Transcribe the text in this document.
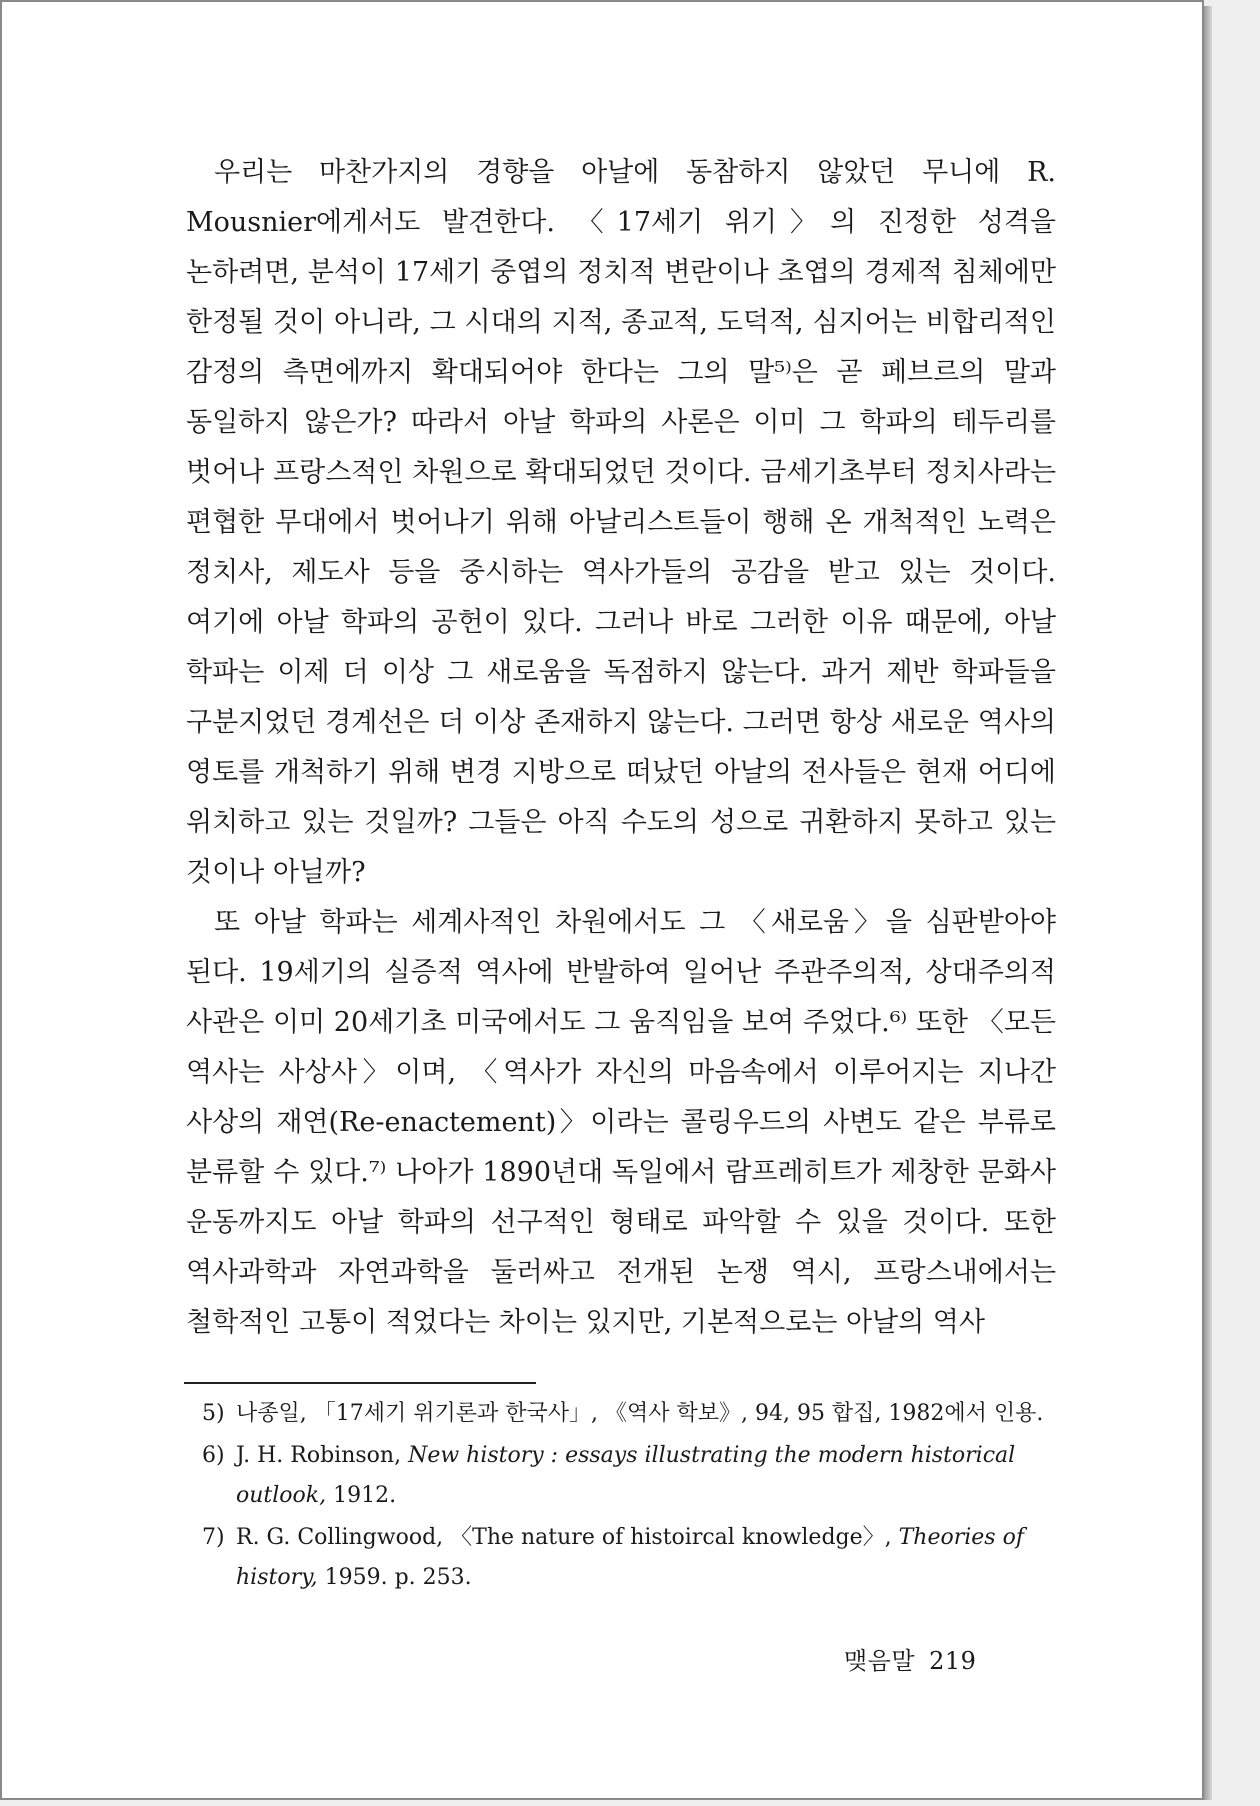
우리는 마찬가지의 경향을 아날에 동참하지 않았던 무니에 R. Mousnier에게서도 발견한다. 〈17세기 위기〉의 진정한 성격을 논하려면, 분석이 17세기 중엽의 정치적 변란이나 초엽의 경제적 침체에만 한정될 것이 아니라, 그 시대의 지적, 종교적, 도덕적, 심지어는 비합리적인 감정의 측면에까지 확대되어야 한다는 그의 말⁵⁾은 곧 페브르의 말과 동일하지 않은가? 따라서 아날 학파의 사론은 이미 그 학파의 테두리를 벗어나 프랑스적인 차원으로 확대되었던 것이다. 금세기초부터 정치사라는 편협한 무대에서 벗어나기 위해 아날리스트들이 행해 온 개척적인 노력은 정치사, 제도사 등을 중시하는 역사가들의 공감을 받고 있는 것이다. 여기에 아날 학파의 공헌이 있다. 그러나 바로 그러한 이유 때문에, 아날 학파는 이제 더 이상 그 새로움을 독점하지 않는다. 과거 제반 학파들을 구분지었던 경계선은 더 이상 존재하지 않는다. 그러면 항상 새로운 역사의 영토를 개척하기 위해 변경 지방으로 떠났던 아날의 전사들은 현재 어디에 위치하고 있는 것일까? 그들은 아직 수도의 성으로 귀환하지 못하고 있는 것이나 아닐까?

또 아날 학파는 세계사적인 차원에서도 그 〈새로움〉을 심판받아야 된다. 19세기의 실증적 역사에 반발하여 일어난 주관주의적, 상대주의적 사관은 이미 20세기초 미국에서도 그 움직임을 보여 주었다.⁶⁾ 또한 〈모든 역사는 사상사〉이며, 〈역사가 자신의 마음속에서 이루어지는 지나간 사상의 재연(Re-enactement)〉이라는 콜링우드의 사변도 같은 부류로 분류할 수 있다.⁷⁾ 나아가 1890년대 독일에서 람프레히트가 제창한 문화사 운동까지도 아날 학파의 선구적인 형태로 파악할 수 있을 것이다. 또한 역사과학과 자연과학을 둘러싸고 전개된 논쟁 역시, 프랑스내에서는 철학적인 고통이 적었다는 차이는 있지만, 기본적으로는 아날의 역사

5) 나종일, 「17세기 위기론과 한국사」, 《역사 학보》, 94, 95 합집, 1982에서 인용.
6) J. H. Robinson, New history : essays illustrating the modern historical outlook, 1912.
7) R. G. Collingwood, 〈The nature of histoircal knowledge〉, Theories of history, 1959. p. 253.
맺음말 219
